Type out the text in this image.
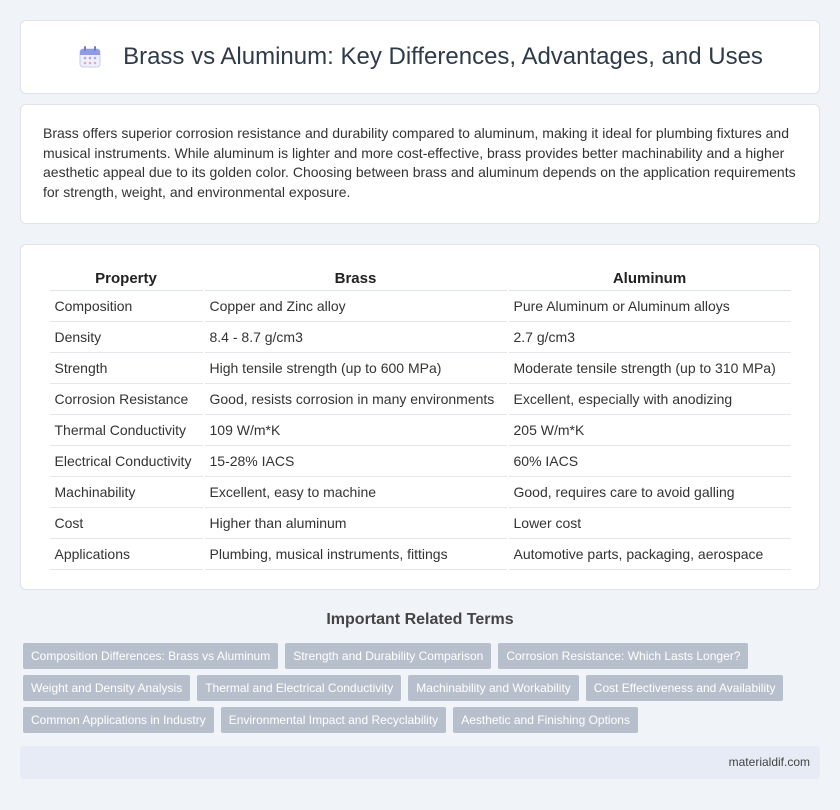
Brass vs Aluminum: Key Differences, Advantages, and Uses

Brass offers superior corrosion resistance and durability compared to aluminum, making it ideal for plumbing fixtures and musical instruments. While aluminum is lighter and more cost-effective, brass provides better machinability and a higher aesthetic appeal due to its golden color. Choosing between brass and aluminum depends on the application requirements for strength, weight, and environmental exposure.

Property	Brass	Aluminum
Composition	Copper and Zinc alloy	Pure Aluminum or Aluminum alloys
Density	8.4 - 8.7 g/cm3	2.7 g/cm3
Strength	High tensile strength (up to 600 MPa)	Moderate tensile strength (up to 310 MPa)
Corrosion Resistance	Good, resists corrosion in many environments	Excellent, especially with anodizing
Thermal Conductivity	109 W/m*K	205 W/m*K
Electrical Conductivity	15-28% IACS	60% IACS
Machinability	Excellent, easy to machine	Good, requires care to avoid galling
Cost	Higher than aluminum	Lower cost
Applications	Plumbing, musical instruments, fittings	Automotive parts, packaging, aerospace
Important Related Terms
Composition Differences: Brass vs Aluminum	Strength and Durability Comparison	Corrosion Resistance: Which Lasts Longer?
Weight and Density Analysis	Thermal and Electrical Conductivity	Machinability and Workability	Cost Effectiveness and Availability
Common Applications in Industry	Environmental Impact and Recyclability	Aesthetic and Finishing Options
materialdif.com
